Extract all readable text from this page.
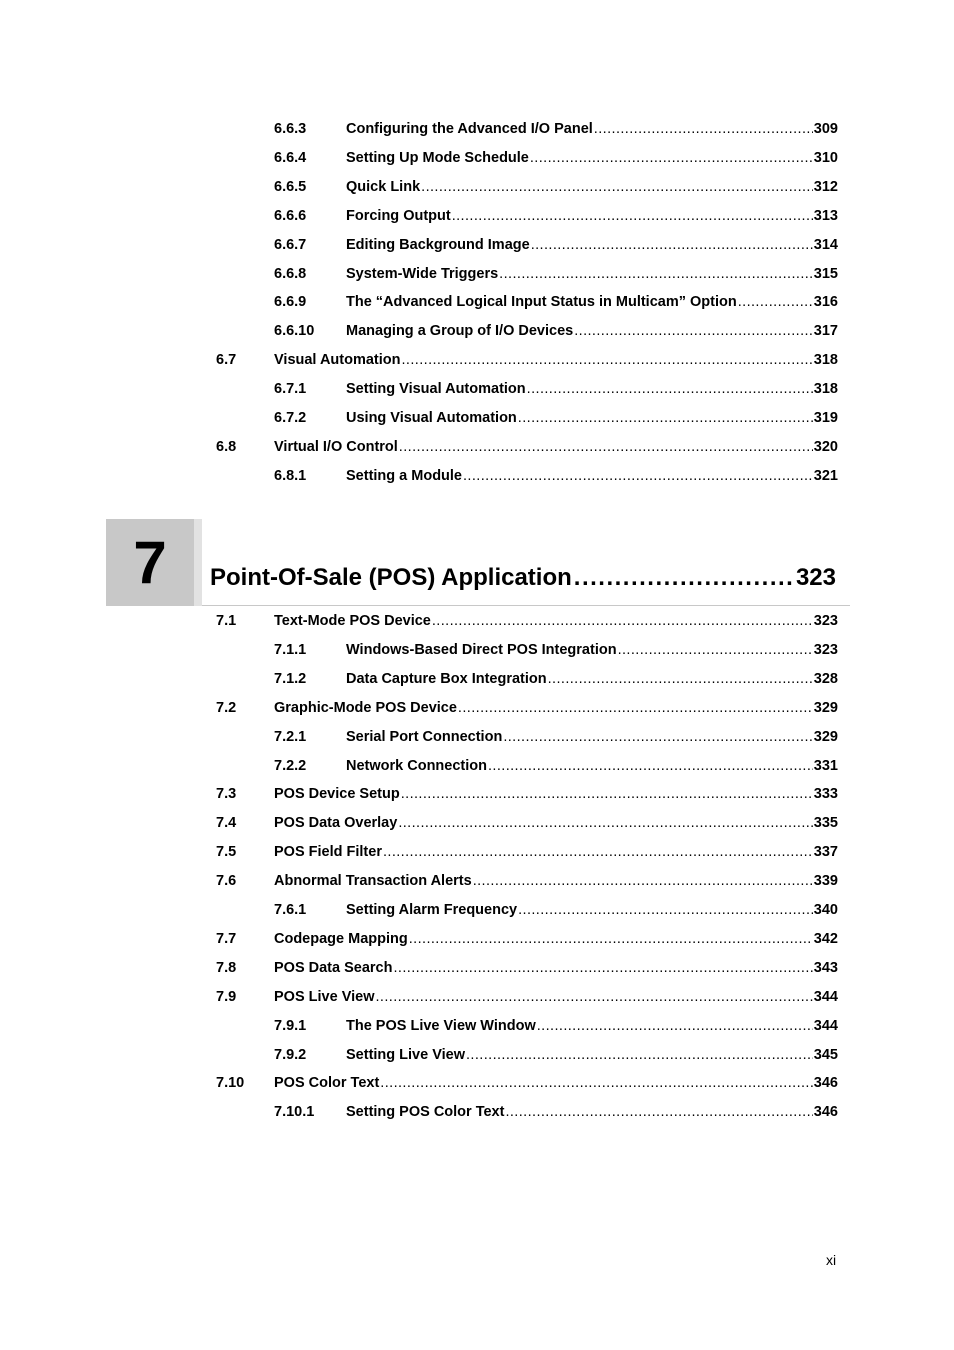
6.6.3	Configuring the Advanced I/O Panel .....	309
6.6.4	Setting Up Mode Schedule .....	310
6.6.5	Quick Link .....	312
6.6.6	Forcing Output .....	313
6.6.7	Editing Background Image .....	314
6.6.8	System-Wide Triggers .....	315
6.6.9	The “Advanced Logical Input Status in Multicam” Option .....	316
6.6.10 Managing a Group of I/O Devices .....	317
6.7	Visual Automation .....	318
6.7.1	Setting Visual Automation .....	318
6.7.2	Using Visual Automation .....	319
6.8	Virtual I/O Control .....	320
6.8.1	Setting a Module .....	321
7	Point-Of-Sale (POS) Application .....	323
7.1	Text-Mode POS Device .....	323
7.1.1	Windows-Based Direct POS Integration .....	323
7.1.2	Data Capture Box Integration .....	328
7.2	Graphic-Mode POS Device .....	329
7.2.1	Serial Port Connection .....	329
7.2.2	Network Connection .....	331
7.3	POS Device Setup .....	333
7.4	POS Data Overlay .....	335
7.5	POS Field Filter .....	337
7.6	Abnormal Transaction Alerts .....	339
7.6.1	Setting Alarm Frequency .....	340
7.7	Codepage Mapping .....	342
7.8	POS Data Search .....	343
7.9	POS Live View .....	344
7.9.1	The POS Live View Window .....	344
7.9.2	Setting Live View .....	345
7.10 POS Color Text .....	346
7.10.1 Setting POS Color Text .....	346
xi
